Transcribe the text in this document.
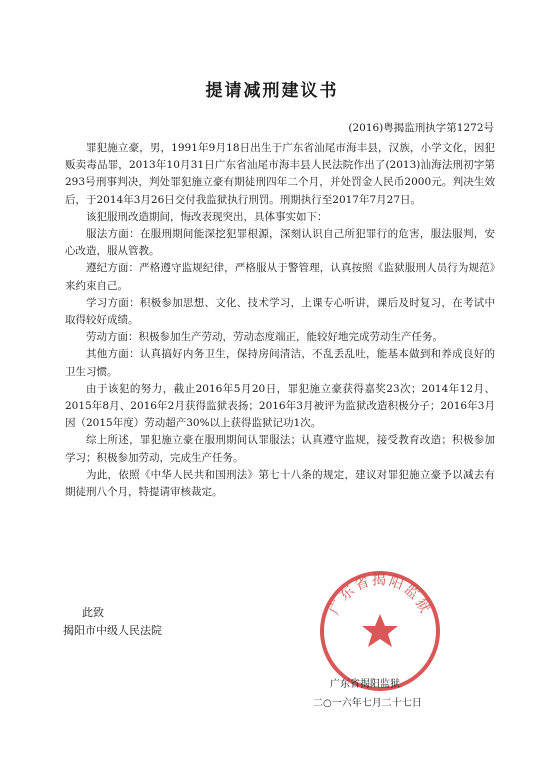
提请减刑建议书
(2016)粤揭监刑执字第1272号

罪犯施立豪，男，1991年9月18日出生于广东省汕尾市海丰县，汉族，小学文化，因犯贩卖毒品罪，2013年10月31日广东省汕尾市海丰县人民法院作出了(2013)汕海法刑初字第293号刑事判决，判处罪犯施立豪有期徒刑四年二个月，并处罚金人民币2000元。判决生效后，于2014年3月26日交付我监狱执行刑罚。刑期执行至2017年7月27日。

该犯服刑改造期间，悔改表现突出，具体事实如下：

服法方面：在服刑期间能深挖犯罪根源，深刻认识自己所犯罪行的危害，服法服判，安心改造，服从管教。

遵纪方面：严格遵守监规纪律，严格服从于警管理，认真按照《监狱服刑人员行为规范》来约束自己。

学习方面：积极参加思想、文化、技术学习，上课专心听讲，课后及时复习，在考试中取得较好成绩。

劳动方面：积极参加生产劳动，劳动态度端正，能较好地完成劳动生产任务。

其他方面：认真搞好内务卫生，保持房间清洁，不乱丢乱吐，能基本做到和养成良好的卫生习惯。

由于该犯的努力，截止2016年5月20日，罪犯施立豪获得嘉奖23次；2014年12月、2015年8月、2016年2月获得监狱表扬；2016年3月被评为监狱改造积极分子；2016年3月因（2015年度）劳动超产30%以上获得监狱记功1次。

综上所述，罪犯施立豪在服刑期间认罪服法；认真遵守监规，接受教育改造；积极参加学习；积极参加劳动，完成生产任务。

为此，依照《中华人民共和国刑法》第七十八条的规定，建议对罪犯施立豪予以减去有期徒刑八个月，特提请审核裁定。

此致
揭阳市中级人民法院
广东省揭阳监狱
广东省揭阳监狱
二○一六年七月二十七日
